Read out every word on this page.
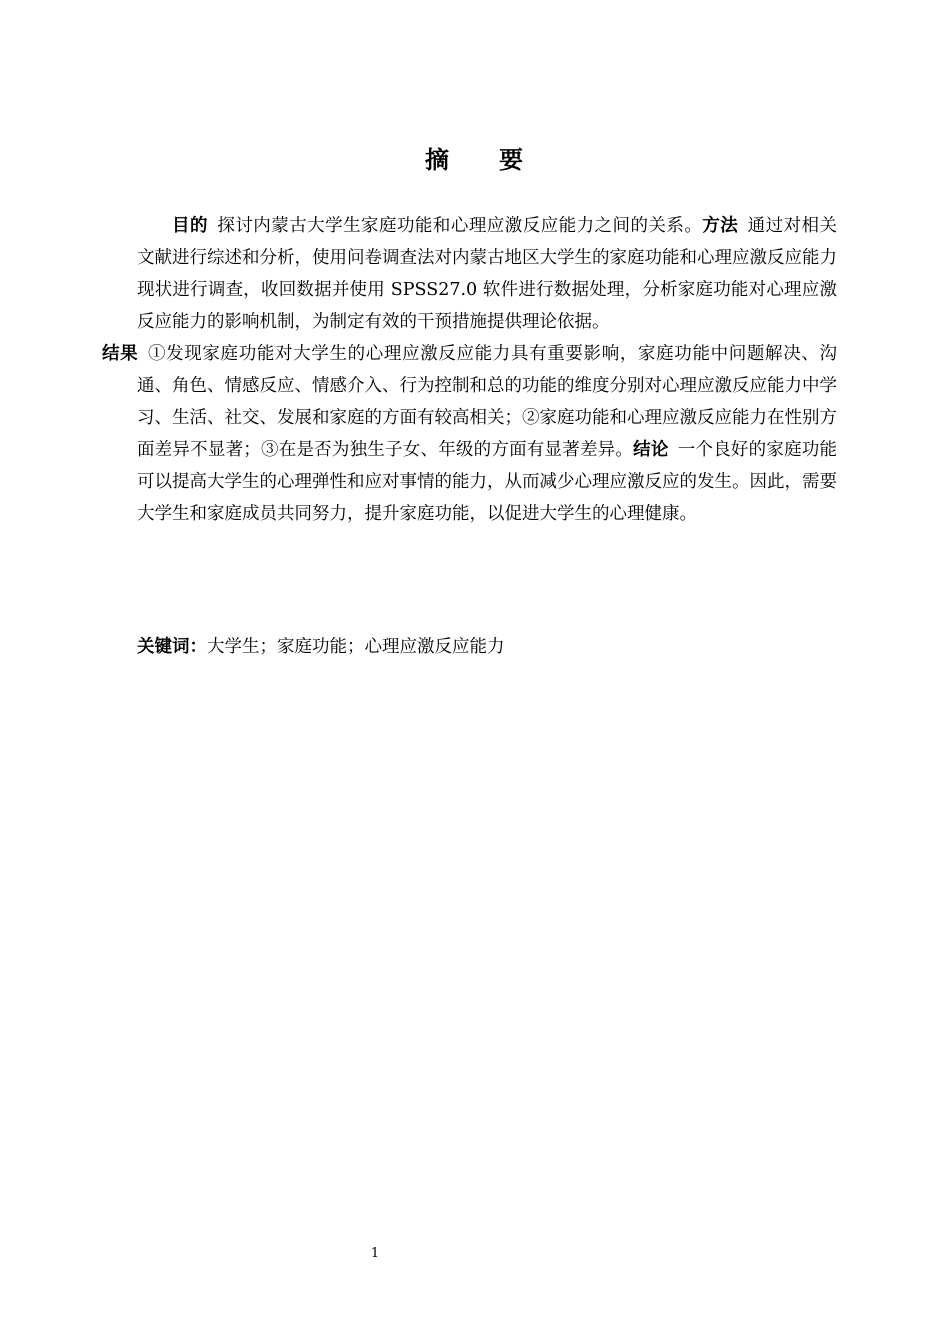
摘 要
目的 探讨内蒙古大学生家庭功能和心理应激反应能力之间的关系。方法 通过对相关文献进行综述和分析，使用问卷调查法对内蒙古地区大学生的家庭功能和心理应激反应能力现状进行调查，收回数据并使用 SPSS27.0 软件进行数据处理，分析家庭功能对心理应激反应能力的影响机制，为制定有效的干预措施提供理论依据。
结果 ①发现家庭功能对大学生的心理应激反应能力具有重要影响，家庭功能中问题解决、沟通、角色、情感反应、情感介入、行为控制和总的功能的维度分别对心理应激反应能力中学习、生活、社交、发展和家庭的方面有较高相关；②家庭功能和心理应激反应能力在性别方面差异不显著；③在是否为独生子女、年级的方面有显著差异。结论 一个良好的家庭功能可以提高大学生的心理弹性和应对事情的能力，从而减少心理应激反应的发生。因此，需要大学生和家庭成员共同努力，提升家庭功能，以促进大学生的心理健康。
关键词：大学生；家庭功能；心理应激反应能力
1
